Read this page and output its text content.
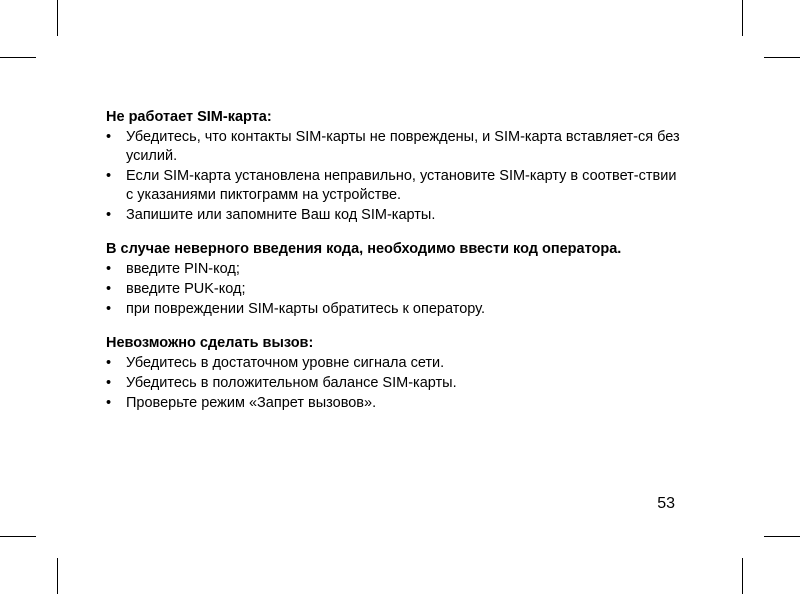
Не работает SIM-карта:
• Убедитесь, что контакты SIM-карты не повреждены, и SIM-карта вставляет-ся без усилий.
• Если SIM-карта установлена неправильно, установите SIM-карту в соответ-ствии с указаниями пиктограмм на устройстве.
• Запишите или запомните Ваш код SIM-карты.
В случае неверного введения кода, необходимо ввести код оператора.
• введите PIN-код;
• введите PUK-код;
• при повреждении SIM-карты обратитесь к оператору.
Невозможно сделать вызов:
• Убедитесь в достаточном уровне сигнала сети.
• Убедитесь в положительном балансе SIM-карты.
• Проверьте режим «Запрет вызовов».
53
